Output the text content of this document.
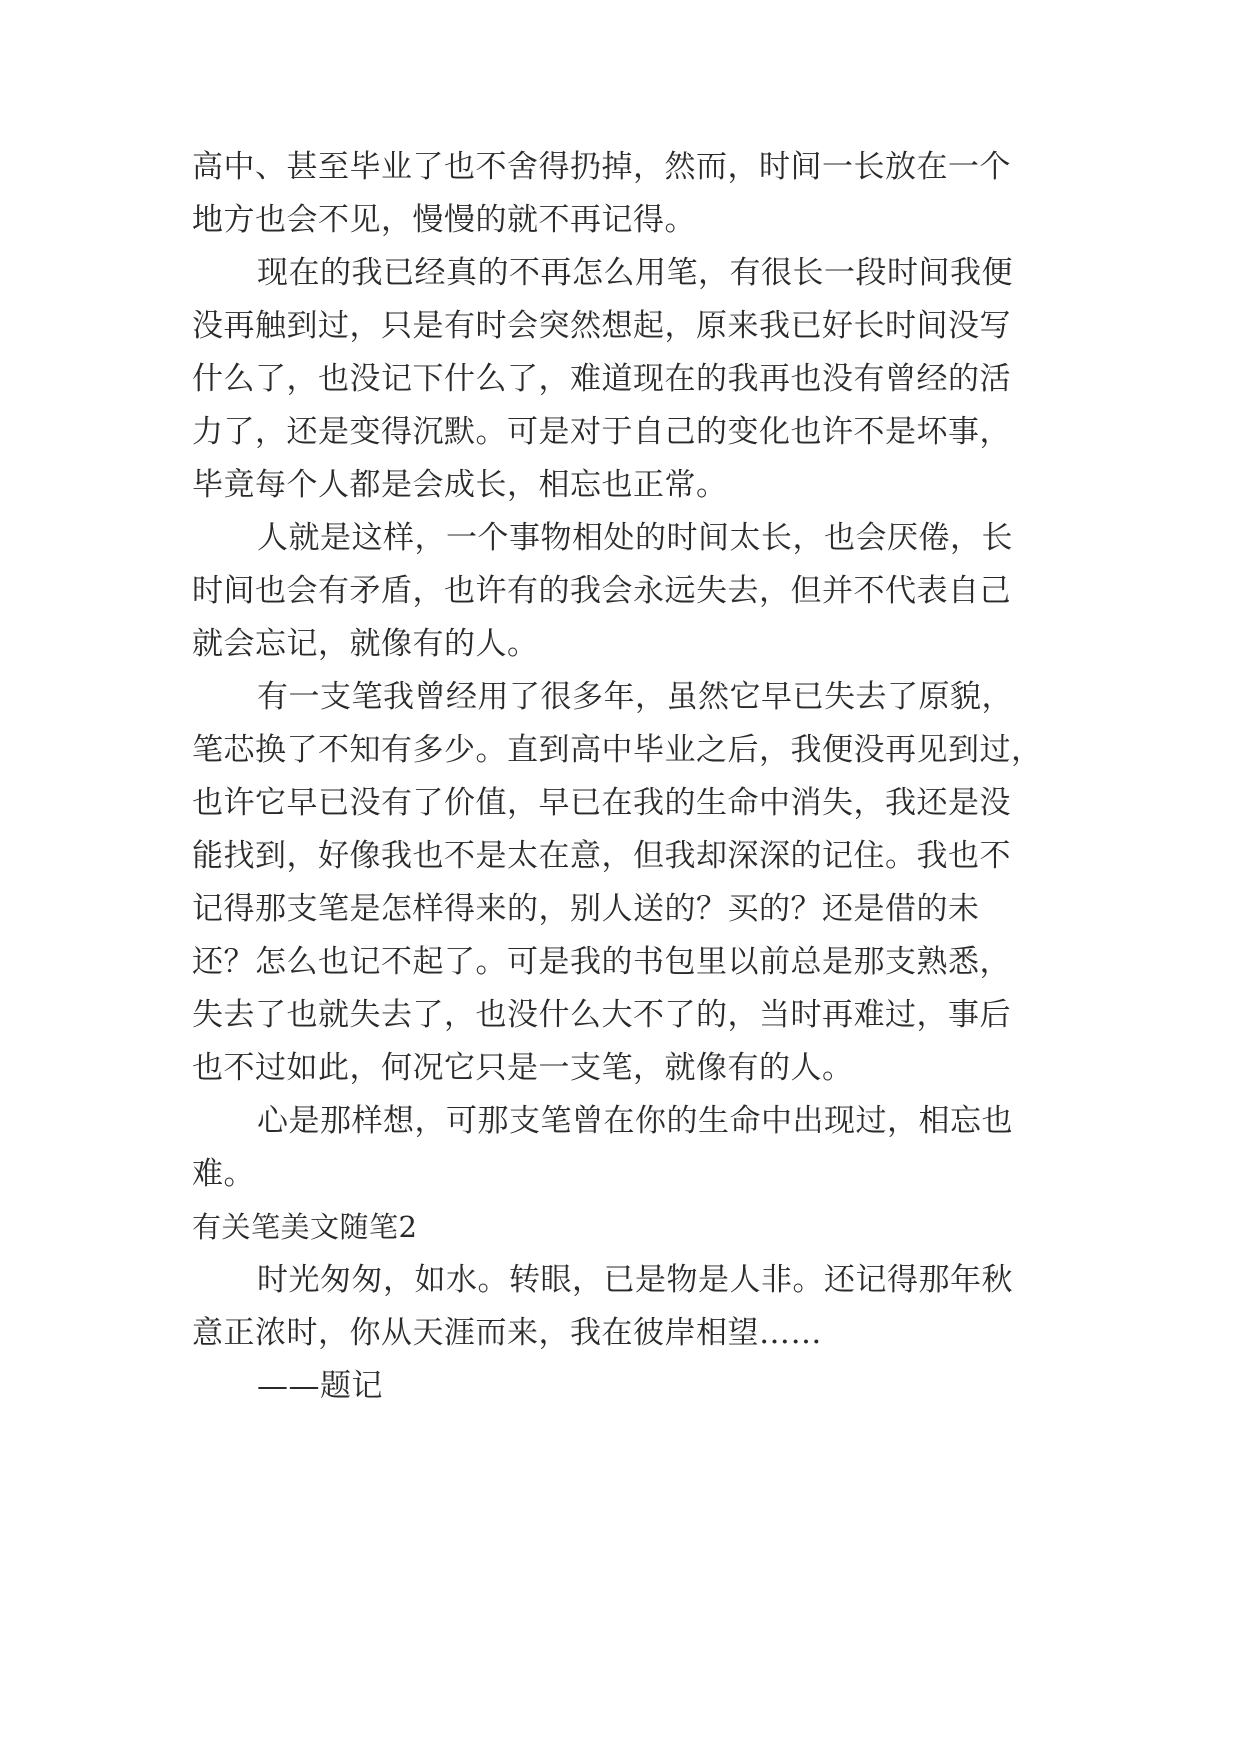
高中、甚至毕业了也不舍得扔掉，然而，时间一长放在一个
地方也会不见，慢慢的就不再记得。
现在的我已经真的不再怎么用笔，有很长一段时间我便
没再触到过，只是有时会突然想起，原来我已好长时间没写
什么了，也没记下什么了，难道现在的我再也没有曾经的活
力了，还是变得沉默。可是对于自己的变化也许不是坏事，
毕竟每个人都是会成长，相忘也正常。
人就是这样，一个事物相处的时间太长，也会厌倦，长
时间也会有矛盾，也许有的我会永远失去，但并不代表自己
就会忘记，就像有的人。
有一支笔我曾经用了很多年，虽然它早已失去了原貌，
笔芯换了不知有多少。直到高中毕业之后，我便没再见到过，
也许它早已没有了价值，早已在我的生命中消失，我还是没
能找到，好像我也不是太在意，但我却深深的记住。我也不
记得那支笔是怎样得来的，别人送的？买的？还是借的未
还？怎么也记不起了。可是我的书包里以前总是那支熟悉，
失去了也就失去了，也没什么大不了的，当时再难过，事后
也不过如此，何况它只是一支笔，就像有的人。
心是那样想，可那支笔曾在你的生命中出现过，相忘也
难。
有关笔美文随笔2
时光匆匆，如水。转眼，已是物是人非。还记得那年秋
意正浓时，你从天涯而来，我在彼岸相望……
——题记
